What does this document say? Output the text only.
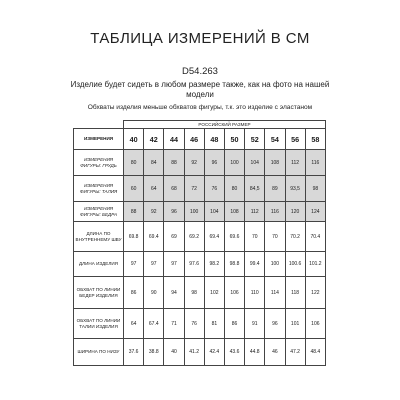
ТАБЛИЦА ИЗМЕРЕНИЙ В СМ
D54.263
Изделие будет сидеть в любом размере также, как на фото на нашей модели
Обхваты изделия меньше обхватов фигуры, т.к. это изделие с эластаном
	РОССИЙСКИЙ РАЗМЕР									
ИЗМЕРЕНИЯ	40	42	44	46	48	50	52	54	56	58
ИЗМЕРЕНИЯ ФИГУРЫ: ГРУДЬ	80	84	88	92	96	100	104	108	112	116
ИЗМЕРЕНИЯ ФИГУРЫ: ТАЛИЯ	60	64	68	72	76	80	84,5	89	93,5	98
ИЗМЕРЕНИЯ ФИГУРЫ: БЕДРА	88	92	96	100	104	108	112	116	120	124
ДЛИНА ПО ВНУТРЕННЕМУ ШВУ	69.8	69.4	69	69.2	69.4	69.6	70	70	70.2	70.4
ДЛИНА ИЗДЕЛИЯ	97	97	97	97.6	98.2	98.8	99.4	100	100.6	101.2
ОБХВАТ ПО ЛИНИИ БЕДЕР ИЗДЕЛИЯ	86	90	94	98	102	106	110	114	118	122
ОБХВАТ ПО ЛИНИИ ТАЛИИ ИЗДЕЛИЯ	64	67.4	71	76	81	86	91	96	101	106
ШИРИНА ПО НИЗУ	37.6	38.8	40	41.2	42.4	43.6	44.8	46	47.2	48.4
